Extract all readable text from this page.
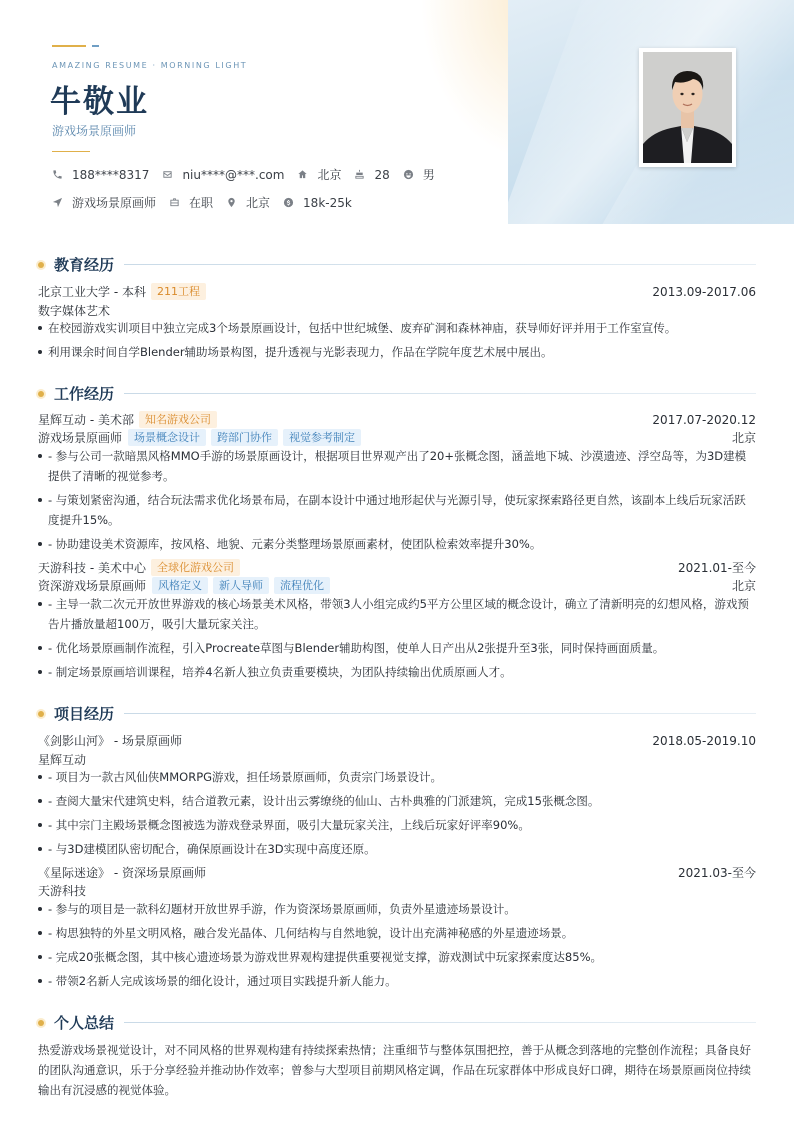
AMAZING RESUME · MORNING LIGHT
牛敬业
游戏场景原画师
188****8317	niu****@***.com	北京	28	男
游戏场景原画师	在职	北京	18k-25k
教育经历
北京工业大学 - 本科	211工程	2013.09-2017.06
数字媒体艺术
在校园游戏实训项目中独立完成3个场景原画设计，包括中世纪城堡、废弃矿洞和森林神庙，获导师好评并用于工作室宣传。
利用课余时间自学Blender辅助场景构图，提升透视与光影表现力，作品在学院年度艺术展中展出。
工作经历
星辉互动 - 美术部	知名游戏公司	2017.07-2020.12
游戏场景原画师	场景概念设计	跨部门协作	视觉参考制定	北京
- 参与公司一款暗黑风格MMO手游的场景原画设计，根据项目世界观产出了20+张概念图，涵盖地下城、沙漠遗迹、浮空岛等，为3D建模提供了清晰的视觉参考。
- 与策划紧密沟通，结合玩法需求优化场景布局，在副本设计中通过地形起伏与光源引导，使玩家探索路径更自然，该副本上线后玩家活跃度提升15%。
- 协助建设美术资源库，按风格、地貌、元素分类整理场景原画素材，使团队检索效率提升30%。
天游科技 - 美术中心	全球化游戏公司	2021.01-至今
资深游戏场景原画师	风格定义	新人导师	流程优化	北京
- 主导一款二次元开放世界游戏的核心场景美术风格，带领3人小组完成约5平方公里区域的概念设计，确立了清新明亮的幻想风格，游戏预告片播放量超100万，吸引大量玩家关注。
- 优化场景原画制作流程，引入Procreate草图与Blender辅助构图，使单人日产出从2张提升至3张，同时保持画面质量。
- 制定场景原画培训课程，培养4名新人独立负责重要模块，为团队持续输出优质原画人才。
项目经历
《剑影山河》 - 场景原画师	2018.05-2019.10
星辉互动
- 项目为一款古风仙侠MMORPG游戏，担任场景原画师，负责宗门场景设计。
- 查阅大量宋代建筑史料，结合道教元素，设计出云雾缭绕的仙山、古朴典雅的门派建筑，完成15张概念图。
- 其中宗门主殿场景概念图被选为游戏登录界面，吸引大量玩家关注，上线后玩家好评率90%。
- 与3D建模团队密切配合，确保原画设计在3D实现中高度还原。
《星际迷途》 - 资深场景原画师	2021.03-至今
天游科技
- 参与的项目是一款科幻题材开放世界手游，作为资深场景原画师，负责外星遗迹场景设计。
- 构思独特的外星文明风格，融合发光晶体、几何结构与自然地貌，设计出充满神秘感的外星遗迹场景。
- 完成20张概念图，其中核心遗迹场景为游戏世界观构建提供重要视觉支撑，游戏测试中玩家探索度达85%。
- 带领2名新人完成该场景的细化设计，通过项目实践提升新人能力。
个人总结
热爱游戏场景视觉设计，对不同风格的世界观构建有持续探索热情；注重细节与整体氛围把控，善于从概念到落地的完整创作流程；具备良好的团队沟通意识，乐于分享经验并推动协作效率；曾参与大型项目前期风格定调，作品在玩家群体中形成良好口碑，期待在场景原画岗位持续输出有沉浸感的视觉体验。
